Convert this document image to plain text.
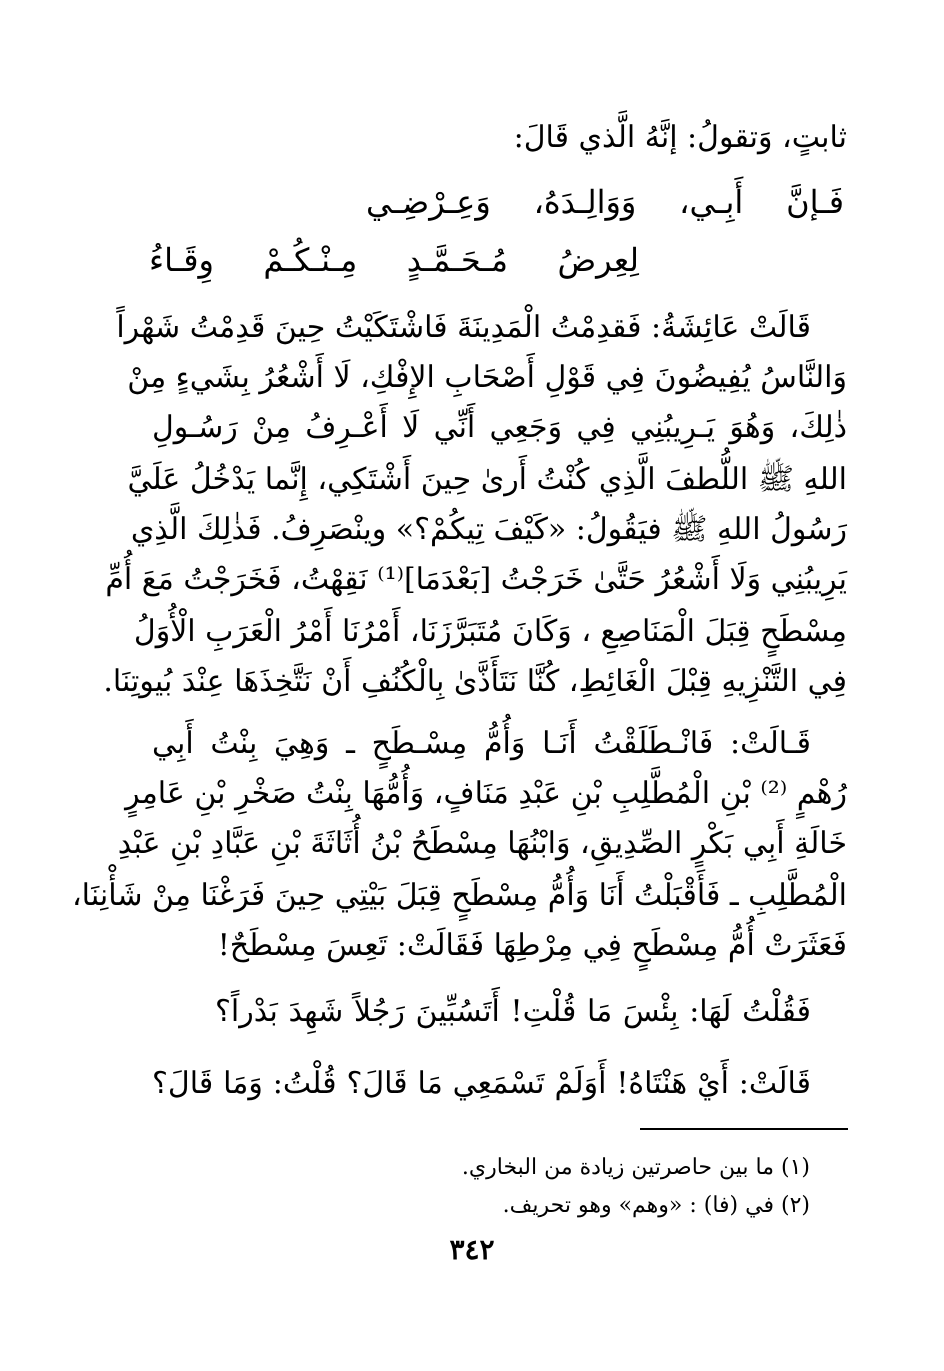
ثابتٍ، وَتقولُ: إنَّهُ الَّذي قَالَ:
فَـإنَّ
أَبِـي،
وَوَالِـدَهُ،
وَعِـرْضِـي
لِعِرضُ
مُـحَـمَّـدٍ
مِـنْـكُـمْ
وِقَـاءُ
قَالَتْ عَائِشَةُ: فَقدِمْتُ الْمَدِينَةَ فَاشْتَكَيْتُ حِينَ قَدِمْتُ شَهْراً
وَالنَّاسُ يُفِيضُونَ فِي قَوْلِ أَصْحَابِ الإِفْكِ، لَا أَشْعُرُ بِشَيءٍ مِنْ
ذٰلِكَ، وَهُوَ يَـرِيبُنِي فِي وَجَعِي أَنِّي لَا أَعْـرِفُ مِنْ رَسُـولِ
اللهِ ﷺ اللُّطفَ الَّذِي كُنْتُ أَرىٰ حِينَ أَشْتَكِي، إِنَّما يَدْخُلُ عَلَيَّ
رَسُولُ اللهِ ﷺ فيَقُولُ: «كَيْفَ تِيكُمْ؟» وينْصَرِفُ. فَذٰلِكَ الَّذِي
يَرِيبُنِي وَلَا أَشْعُرُ حَتَّىٰ خَرَجْتُ [بَعْدَمَا]⁽¹⁾ نَقِهْتُ، فَخَرَجْتُ مَعَ أُمِّ
مِسْطَحٍ قِبَلَ الْمَنَاصِعِ ، وَكَانَ مُتَبَرَّزَنَا، أَمْرُنَا أَمْرُ الْعَرَبِ الْأُوَلُ
فِي التَّنْزِيهِ قِبْلَ الْغَائِطِ، كُنَّا نَتَأَذَّىٰ بِالْكُنُفِ أَنْ نَتَّخِذَهَا عِنْدَ بُيوتِنَا.
قَـالَتْ: فَانْـطَلَقْتُ أَنَـا وَأُمُّ مِسْـطَحٍ ـ وَهِيَ بِنْتُ أَبِي
رُهْمٍ ⁽²⁾ بْنِ الْمُطَّلِبِ بْنِ عَبْدِ مَنَافٍ، وَأُمُّهَا بِنْتُ صَخْرِ بْنِ عَامِرٍ
خَالَةِ أَبِي بَكْرٍ الصِّدِيقِ، وَابْنُهَا مِسْطَحُ بْنُ أُثَاثَةَ بْنِ عَبَّادِ بْنِ عَبْدِ
الْمُطَّلِبِ ـ فَأَقْبَلْتُ أَنَا وَأُمُّ مِسْطَحٍ قِبَلَ بَيْتِي حِينَ فَرَغْنَا مِنْ شَأْنِنَا،
فَعَثَرَتْ أُمُّ مِسْطَحٍ فِي مِرْطِهَا فَقَالَتْ: تَعِسَ مِسْطَحٌ!
فَقُلْتُ لَهَا: بِئْسَ مَا قُلْتِ! أَتَسُبِّينَ رَجُلاً شَهِدَ بَدْراً؟
قَالَتْ: أَيْ هَنْتَاهُ! أَوَلَمْ تَسْمَعِي مَا قَالَ؟ قُلْتُ: وَمَا قَالَ؟
(١) ما بين حاصرتين زيادة من البخاري.
(٢) في (فا) : «وهم» وهو تحريف.
٣٤٢
